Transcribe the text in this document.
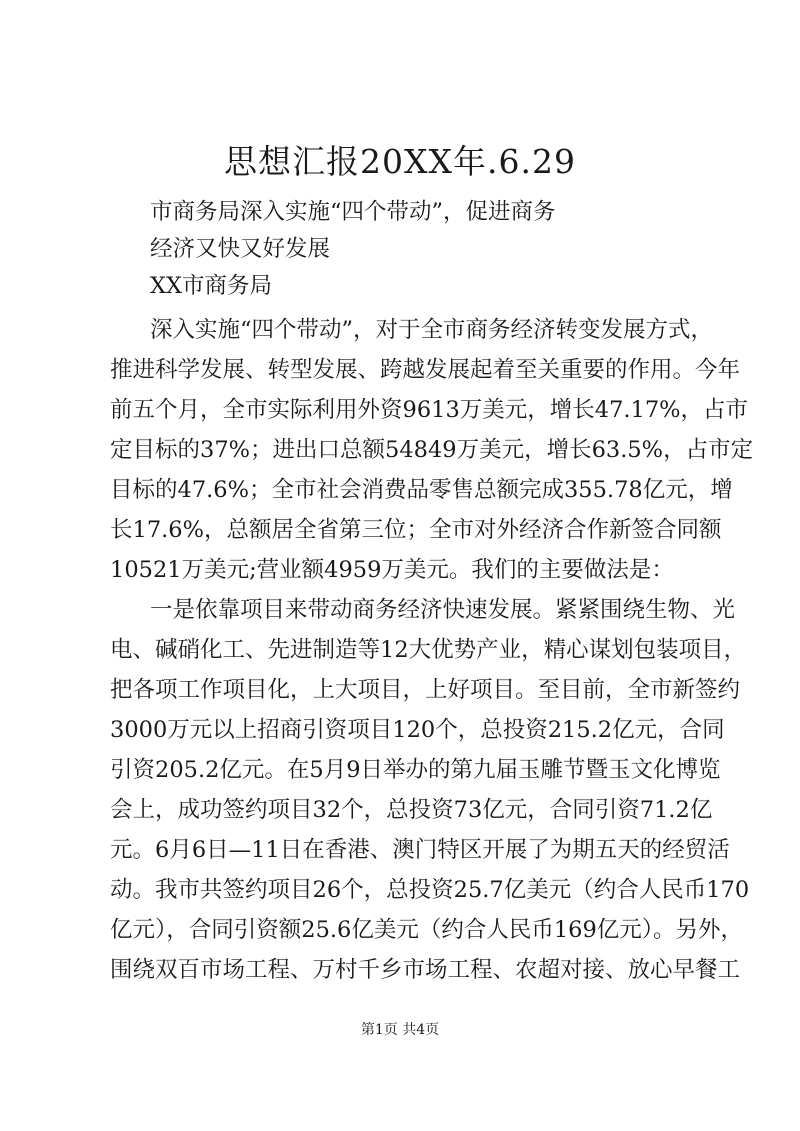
思想汇报20XX年.6.29

市商务局深入实施“四个带动”，促进商务

经济又快又好发展

XX市商务局

深入实施“四个带动”，对于全市商务经济转变发展方式，

推进科学发展、转型发展、跨越发展起着至关重要的作用。今年

前五个月，全市实际利用外资9613万美元，增长47.17%，占市

定目标的37%；进出口总额54849万美元，增长63.5%，占市定

目标的47.6%；全市社会消费品零售总额完成355.78亿元，增

长17.6%，总额居全省第三位；全市对外经济合作新签合同额

10521万美元;营业额4959万美元。我们的主要做法是：

一是依靠项目来带动商务经济快速发展。紧紧围绕生物、光

电、碱硝化工、先进制造等12大优势产业，精心谋划包装项目，

把各项工作项目化，上大项目，上好项目。至目前，全市新签约

3000万元以上招商引资项目120个，总投资215.2亿元，合同

引资205.2亿元。在5月9日举办的第九届玉雕节暨玉文化博览

会上，成功签约项目32个，总投资73亿元，合同引资71.2亿

元。6月6日—11日在香港、澳门特区开展了为期五天的经贸活

动。我市共签约项目26个，总投资25.7亿美元（约合人民币170

亿元），合同引资额25.6亿美元（约合人民币169亿元）。另外，

围绕双百市场工程、万村千乡市场工程、农超对接、放心早餐工

第1页 共4页
